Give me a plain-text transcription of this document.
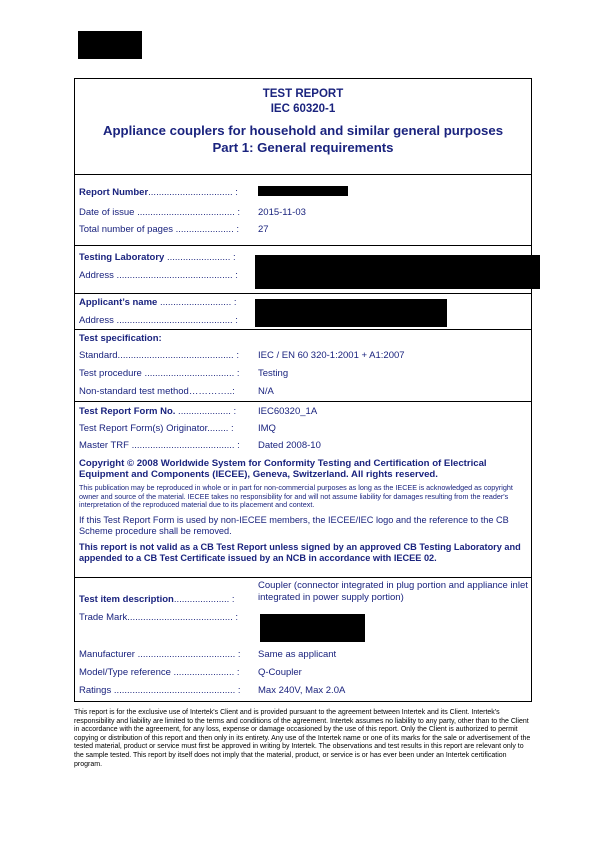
TEST REPORT
IEC 60320-1
Appliance couplers for household and similar general purposes
Part 1: General requirements
Report Number................................ :
Date of issue ..................................... : 2015-11-03
Total number of pages ...................... : 27
Testing Laboratory ........................ :
Address ............................................ :
Applicant’s name ........................... :
Address ............................................ :
Test specification:
Standard............................................ : IEC / EN 60 320-1:2001 + A1:2007
Test procedure .................................. : Testing
Non-standard test method…………..: N/A
Test Report Form No. .................... : IEC60320_1A
Test Report Form(s) Originator........ :	IMQ
Master TRF ....................................... : Dated 2008-10
Copyright © 2008 Worldwide System for Conformity Testing and Certification of Electrical Equipment and Components (IECEE), Geneva, Switzerland. All rights reserved.
This publication may be reproduced in whole or in part for non-commercial purposes as long as the IECEE is acknowledged as copyright owner and source of the material. IECEE takes no responsibility for and will not assume liability for damages resulting from the reader's interpretation of the reproduced material due to its placement and context.
If this Test Report Form is used by non-IECEE members, the IECEE/IEC logo and the reference to the CB Scheme procedure shall be removed.
This report is not valid as a CB Test Report unless signed by an approved CB Testing Laboratory and appended to a CB Test Certificate issued by an NCB in accordance with IECEE 02.
Coupler (connector integrated in plug portion and appliance inlet
integrated in power supply portion)
Test item description..................... :
Trade Mark........................................ :
Manufacturer ..................................... : Same as applicant
Model/Type reference ....................... : Q-Coupler
Ratings .............................................. : Max 240V, Max 2.0A
This report is for the exclusive use of Intertek's Client and is provided pursuant to the agreement between Intertek and its Client. Intertek's responsibility and liability are limited to the terms and conditions of the agreement. Intertek assumes no liability to any party, other than to the Client in accordance with the agreement, for any loss, expense or damage occasioned by the use of this report. Only the Client is authorized to permit copying or distribution of this report and then only in its entirety. Any use of the Intertek name or one of its marks for the sale or advertisement of the tested material, product or service must first be approved in writing by Intertek. The observations and test results in this report are relevant only to the sample tested. This report by itself does not imply that the material, product, or service is or has ever been under an Intertek certification program.
